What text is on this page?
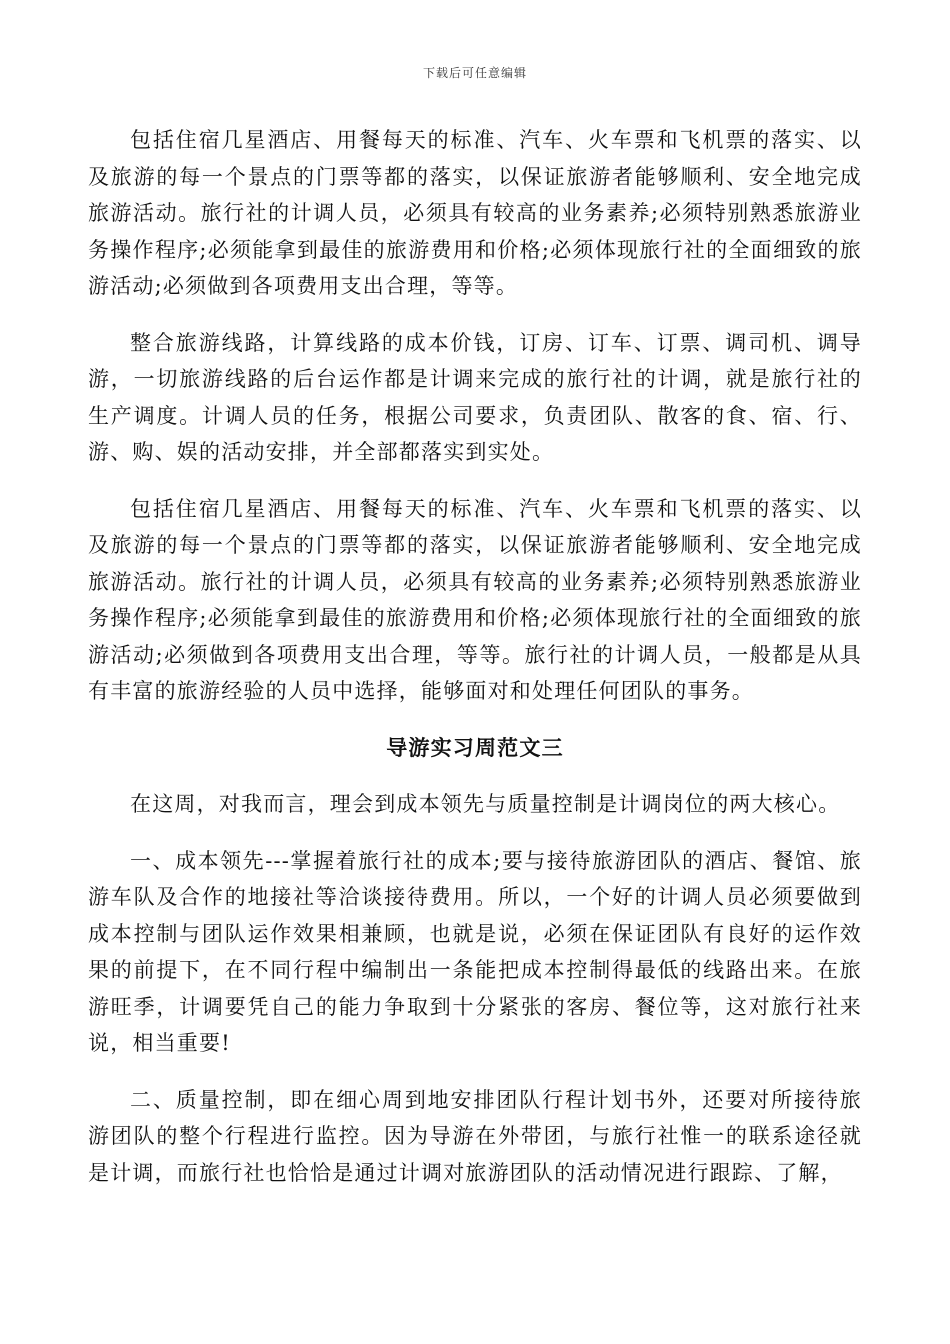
下载后可任意编辑

包括住宿几星酒店、用餐每天的标准、汽车、火车票和飞机票的落实、以及旅游的每一个景点的门票等都的落实，以保证旅游者能够顺利、安全地完成旅游活动。旅行社的计调人员，必须具有较高的业务素养;必须特别熟悉旅游业务操作程序;必须能拿到最佳的旅游费用和价格;必须体现旅行社的全面细致的旅游活动;必须做到各项费用支出合理，等等。

整合旅游线路，计算线路的成本价钱，订房、订车、订票、调司机、调导游，一切旅游线路的后台运作都是计调来完成的旅行社的计调，就是旅行社的生产调度。计调人员的任务，根据公司要求，负责团队、散客的食、宿、行、游、购、娱的活动安排，并全部都落实到实处。

包括住宿几星酒店、用餐每天的标准、汽车、火车票和飞机票的落实、以及旅游的每一个景点的门票等都的落实，以保证旅游者能够顺利、安全地完成旅游活动。旅行社的计调人员，必须具有较高的业务素养;必须特别熟悉旅游业务操作程序;必须能拿到最佳的旅游费用和价格;必须体现旅行社的全面细致的旅游活动;必须做到各项费用支出合理，等等。旅行社的计调人员，一般都是从具有丰富的旅游经验的人员中选择，能够面对和处理任何团队的事务。

导游实习周范文三

在这周，对我而言，理会到成本领先与质量控制是计调岗位的两大核心。

一、成本领先---掌握着旅行社的成本;要与接待旅游团队的酒店、餐馆、旅游车队及合作的地接社等洽谈接待费用。所以，一个好的计调人员必须要做到成本控制与团队运作效果相兼顾，也就是说，必须在保证团队有良好的运作效果的前提下，在不同行程中编制出一条能把成本控制得最低的线路出来。在旅游旺季，计调要凭自己的能力争取到十分紧张的客房、餐位等，这对旅行社来说，相当重要!

二、质量控制，即在细心周到地安排团队行程计划书外，还要对所接待旅游团队的整个行程进行监控。因为导游在外带团，与旅行社惟一的联系途径就是计调，而旅行社也恰恰是通过计调对旅游团队的活动情况进行跟踪、了解，
